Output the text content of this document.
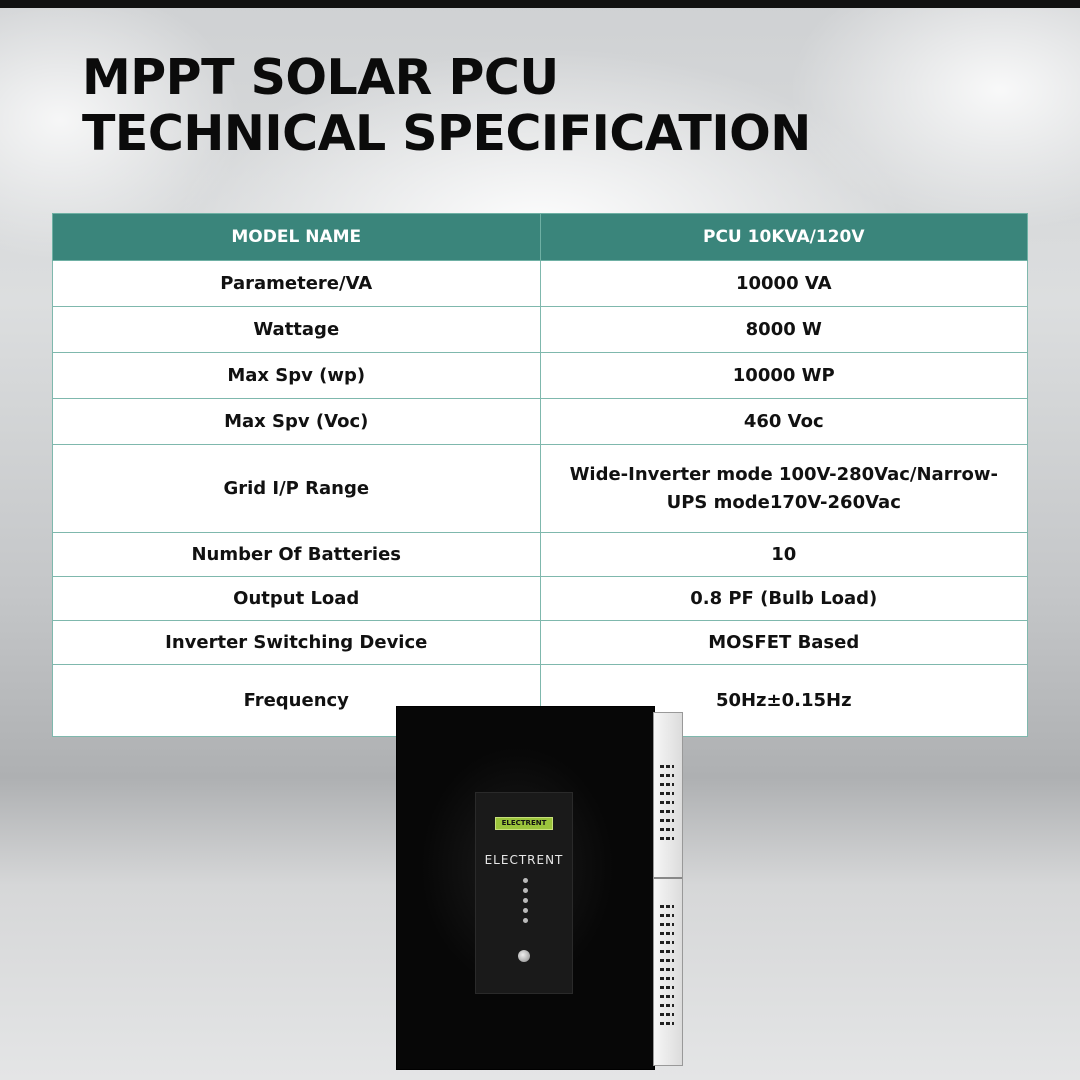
MPPT SOLAR PCU
TECHNICAL SPECIFICATION
MODEL NAME	PCU 10KVA/120V
Parametere/VA	10000 VA
Wattage	8000 W
Max Spv (wp)	10000 WP
Max Spv (Voc)	460 Voc
Grid I/P Range	Wide-Inverter mode 100V-280Vac/Narrow-UPS mode170V-260Vac
Number Of Batteries	10
Output Load	0.8 PF (Bulb Load)
Inverter Switching Device	MOSFET Based
Frequency	50Hz±0.15Hz
ELECTRENT
ELECTRENT
